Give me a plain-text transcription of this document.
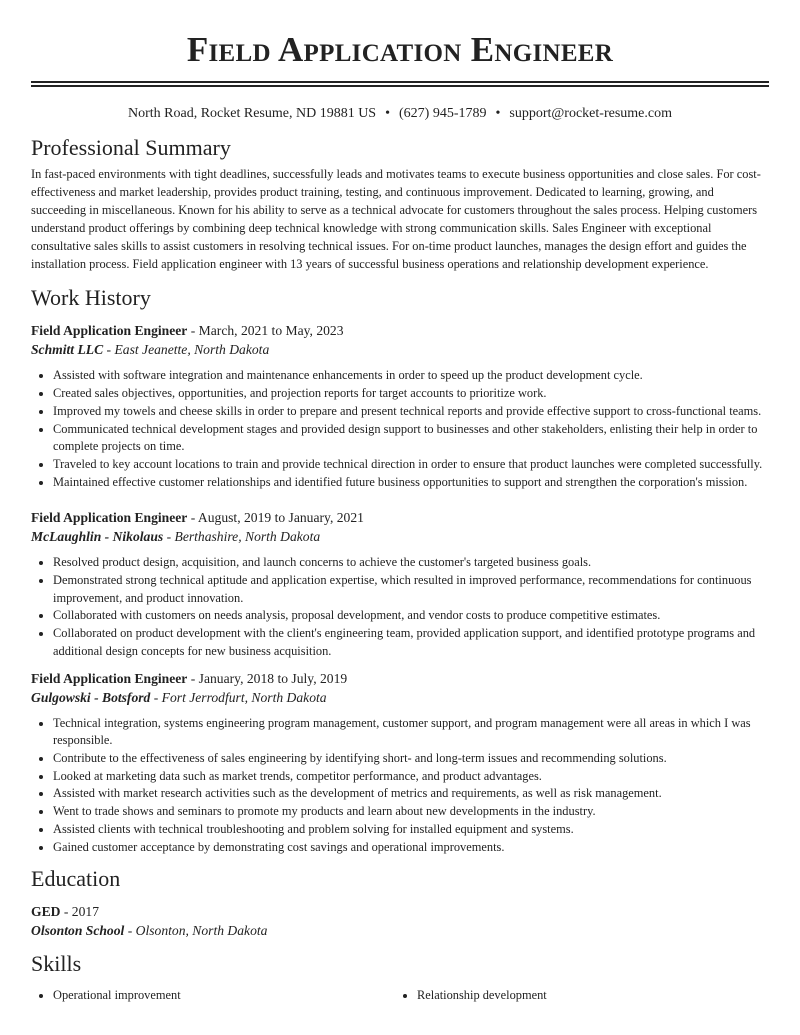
Field Application Engineer
North Road, Rocket Resume, ND 19881 US • (627) 945-1789 • support@rocket-resume.com
Professional Summary
In fast-paced environments with tight deadlines, successfully leads and motivates teams to execute business opportunities and close sales. For cost-effectiveness and market leadership, provides product training, testing, and continuous improvement. Dedicated to learning, growing, and succeeding in miscellaneous. Known for his ability to serve as a technical advocate for customers throughout the sales process. Helping customers understand product offerings by combining deep technical knowledge with strong communication skills. Sales Engineer with exceptional consultative sales skills to assist customers in resolving technical issues. For on-time product launches, manages the design effort and guides the installation process. Field application engineer with 13 years of successful business operations and relationship development experience.
Work History
Field Application Engineer - March, 2021 to May, 2023
Schmitt LLC - East Jeanette, North Dakota
• Assisted with software integration and maintenance enhancements in order to speed up the product development cycle.
• Created sales objectives, opportunities, and projection reports for target accounts to prioritize work.
• Improved my towels and cheese skills in order to prepare and present technical reports and provide effective support to cross-functional teams.
• Communicated technical development stages and provided design support to businesses and other stakeholders, enlisting their help in order to complete projects on time.
• Traveled to key account locations to train and provide technical direction in order to ensure that product launches were completed successfully.
• Maintained effective customer relationships and identified future business opportunities to support and strengthen the corporation's mission.
Field Application Engineer - August, 2019 to January, 2021
McLaughlin - Nikolaus - Berthashire, North Dakota
• Resolved product design, acquisition, and launch concerns to achieve the customer's targeted business goals.
• Demonstrated strong technical aptitude and application expertise, which resulted in improved performance, recommendations for continuous improvement, and product innovation.
• Collaborated with customers on needs analysis, proposal development, and vendor costs to produce competitive estimates.
• Collaborated on product development with the client's engineering team, provided application support, and identified prototype programs and additional design concepts for new business acquisition.
Field Application Engineer - January, 2018 to July, 2019
Gulgowski - Botsford - Fort Jerrodfurt, North Dakota
• Technical integration, systems engineering program management, customer support, and program management were all areas in which I was responsible.
• Contribute to the effectiveness of sales engineering by identifying short- and long-term issues and recommending solutions.
• Looked at marketing data such as market trends, competitor performance, and product advantages.
• Assisted with market research activities such as the development of metrics and requirements, as well as risk management.
• Went to trade shows and seminars to promote my products and learn about new developments in the industry.
• Assisted clients with technical troubleshooting and problem solving for installed equipment and systems.
• Gained customer acceptance by demonstrating cost savings and operational improvements.
Education
GED - 2017
Olsonton School - Olsonton, North Dakota
Skills
• Operational improvement
•	Relationship development
